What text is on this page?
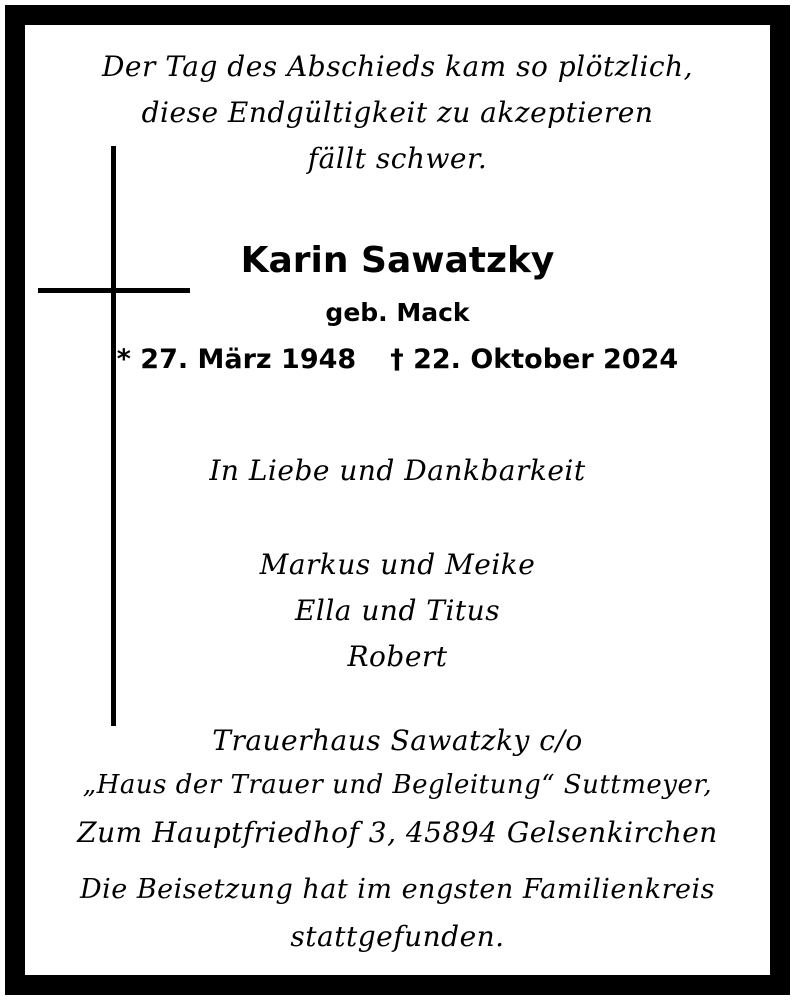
Der Tag des Abschieds kam so plötzlich,
diese Endgültigkeit zu akzeptieren
fällt schwer.
Karin Sawatzky
geb. Mack
* 27. März 1948 † 22. Oktober 2024
In Liebe und Dankbarkeit
Markus und Meike
Ella und Titus
Robert
Trauerhaus Sawatzky c/o
„Haus der Trauer und Begleitung“ Suttmeyer,
Zum Hauptfriedhof 3, 45894 Gelsenkirchen
Die Beisetzung hat im engsten Familienkreis
stattgefunden.
